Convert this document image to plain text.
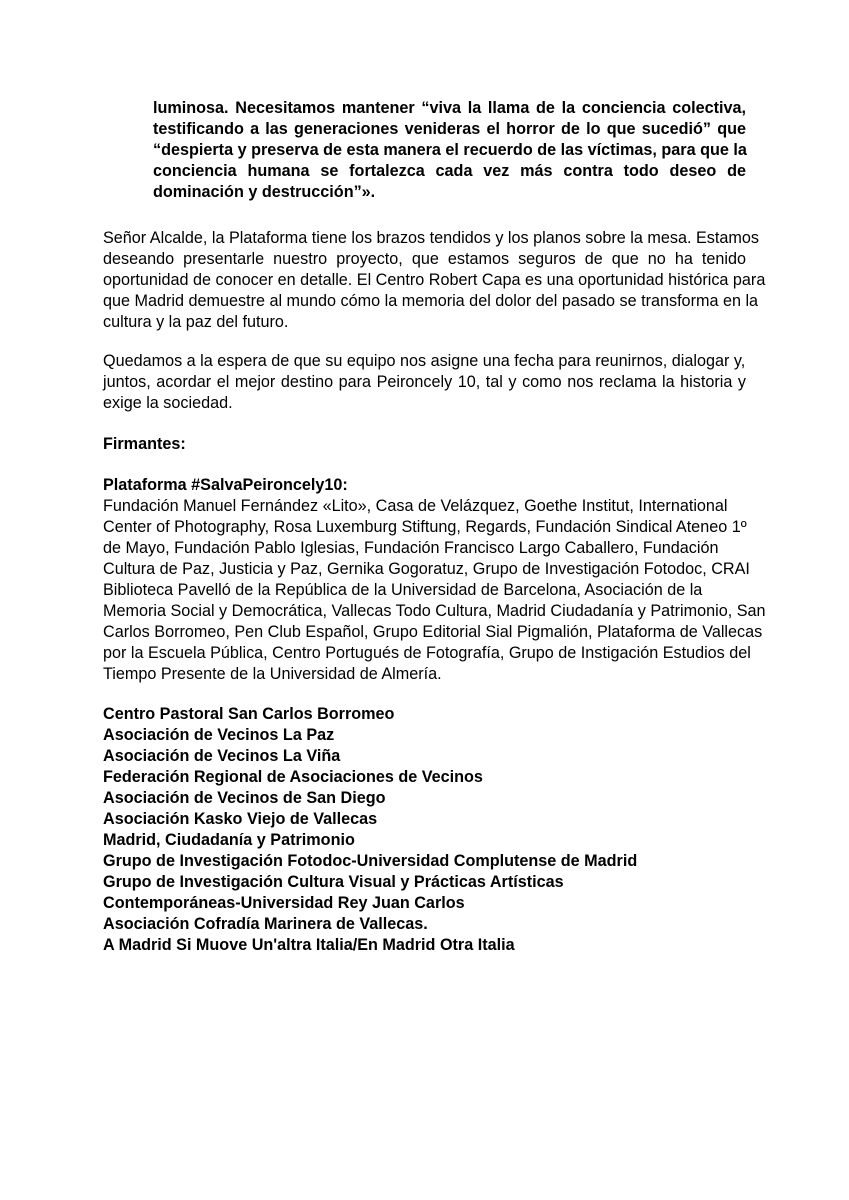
luminosa. Necesitamos mantener “viva la llama de la conciencia colectiva,
testificando a las generaciones venideras el horror de lo que sucedió” que
“despierta y preserva de esta manera el recuerdo de las víctimas, para que la
conciencia humana se fortalezca cada vez más contra todo deseo de
dominación y destrucción”».
Señor Alcalde, la Plataforma tiene los brazos tendidos y los planos sobre la mesa. Estamos
deseando presentarle nuestro proyecto, que estamos seguros de que no ha tenido
oportunidad de conocer en detalle. El Centro Robert Capa es una oportunidad histórica para
que Madrid demuestre al mundo cómo la memoria del dolor del pasado se transforma en la
cultura y la paz del futuro.
Quedamos a la espera de que su equipo nos asigne una fecha para reunirnos, dialogar y,
juntos, acordar el mejor destino para Peironcely 10, tal y como nos reclama la historia y
exige la sociedad.
Firmantes:
Plataforma #SalvaPeironcely10:
Fundación Manuel Fernández «Lito», Casa de Velázquez, Goethe Institut, International
Center of Photography, Rosa Luxemburg Stiftung, Regards, Fundación Sindical Ateneo 1º
de Mayo, Fundación Pablo Iglesias, Fundación Francisco Largo Caballero, Fundación
Cultura de Paz, Justicia y Paz, Gernika Gogoratuz, Grupo de Investigación Fotodoc, CRAI
Biblioteca Pavelló de la República de la Universidad de Barcelona, Asociación de la
Memoria Social y Democrática, Vallecas Todo Cultura, Madrid Ciudadanía y Patrimonio, San
Carlos Borromeo, Pen Club Español, Grupo Editorial Sial Pigmalión, Plataforma de Vallecas
por la Escuela Pública, Centro Portugués de Fotografía, Grupo de Instigación Estudios del
Tiempo Presente de la Universidad de Almería.
Centro Pastoral San Carlos Borromeo
Asociación de Vecinos La Paz
Asociación de Vecinos La Viña
Federación Regional de Asociaciones de Vecinos
Asociación de Vecinos de San Diego
Asociación Kasko Viejo de Vallecas
Madrid, Ciudadanía y Patrimonio
Grupo de Investigación Fotodoc-Universidad Complutense de Madrid
Grupo de Investigación Cultura Visual y Prácticas Artísticas
Contemporáneas-Universidad Rey Juan Carlos
Asociación Cofradía Marinera de Vallecas.
A Madrid Si Muove Un'altra Italia/En Madrid Otra Italia
